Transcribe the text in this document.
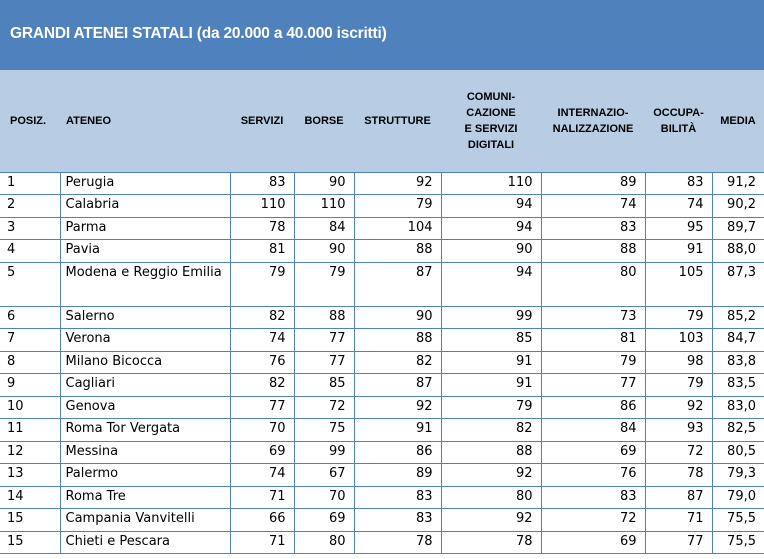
GRANDI ATENEI STATALI (da 20.000 a 40.000 iscritti)
POSIZ.	ATENEO	SERVIZI	BORSE	STRUTTURE	COMUNI-
CAZIONE
E SERVIZI
DIGITALI	INTERNAZIO-
NALIZZAZIONE	OCCUPA-
BILITÀ	MEDIA
1	Perugia	83	90	92	110	89	83	91,2
2	Calabria	110	110	79	94	74	74	90,2
3	Parma	78	84	104	94	83	95	89,7
4	Pavia	81	90	88	90	88	91	88,0
5	Modena e Reggio Emilia	79	79	87	94	80	105	87,3
6	Salerno	82	88	90	99	73	79	85,2
7	Verona	74	77	88	85	81	103	84,7
8	Milano Bicocca	76	77	82	91	79	98	83,8
9	Cagliari	82	85	87	91	77	79	83,5
10	Genova	77	72	92	79	86	92	83,0
11	Roma Tor Vergata	70	75	91	82	84	93	82,5
12	Messina	69	99	86	88	69	72	80,5
13	Palermo	74	67	89	92	76	78	79,3
14	Roma Tre	71	70	83	80	83	87	79,0
15	Campania Vanvitelli	66	69	83	92	72	71	75,5
15	Chieti e Pescara	71	80	78	78	69	77	75,5
